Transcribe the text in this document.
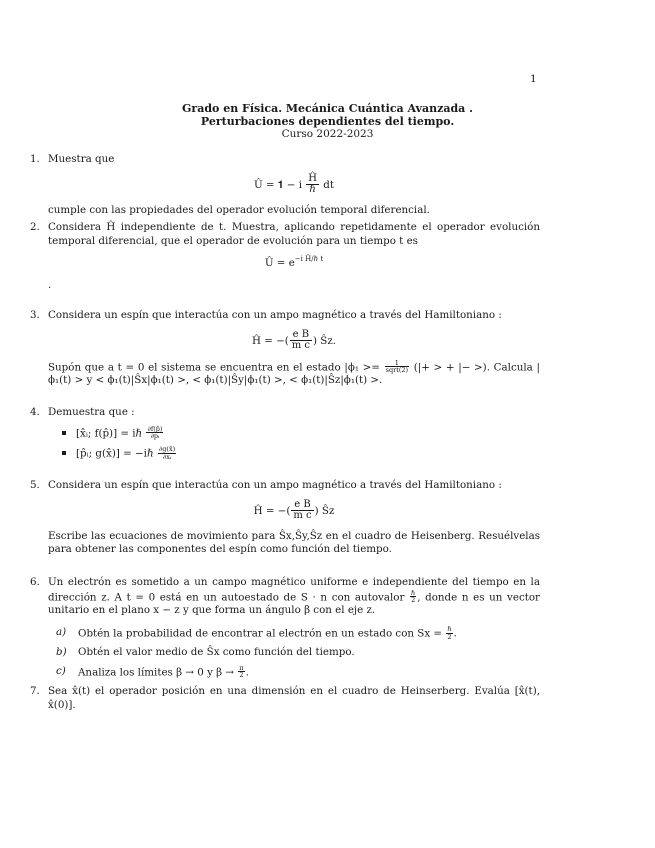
1
Grado en Física. Mecánica Cuántica Avanzada .
Perturbaciones dependientes del tiempo.
Curso 2022-2023
1. Muestra que
Û = 𝟏 − i $\frac{Ĥ}{\text{ℏ}}$ dt
cumple con las propiedades del operador evolución temporal diferencial.
2. Considera Ĥ independiente de t. Muestra, aplicando repetidamente el operador evolución temporal diferencial, que el operador de evolución para un tiempo t es
Û = $e^{-i Ĥ/\hbar t}$
.
3. Considera un espín que interactúa con un ampo magnético a través del Hamiltoniano :
Ĥ = −( $\frac{\text{e B}}{\text{m c}}$ ) Ŝz.
Supón que a t = 0 el sistema se encuentra en el estado $|\phi_1 >= \frac{1}{\text{sqrt(2)}}$ (|+ > + |− >). Calcula |ϕ₁(t) > y < ϕ₁(t)|Ŝx|ϕ₁(t) >, < ϕ₁(t)|Ŝy|ϕ₁(t) >, < ϕ₁(t)|Ŝz|ϕ₁(t) >.
4. Demuestra que :
[x̂ᵢ; f(p̂)] = iℏ $\frac{\partial f(p̂)}{\text{∂pᵢ}}$
[p̂ᵢ; g(x̂)] = −iℏ $\frac{\partial g(x̂)}{\text{∂xᵢ}}$
5. Considera un espín que interactúa con un ampo magnético a través del Hamiltoniano :
Ĥ = −( $\frac{\text{e B}}{\text{m c}}$ ) Ŝz
Escribe las ecuaciones de movimiento para Ŝx,Ŝy,Ŝz en el cuadro de Heisenberg. Resuélvelas para obtener las componentes del espín como función del tiempo.
6. Un electrón es sometido a un campo magnético uniforme e independiente del tiempo en la dirección z. A t = 0 está en un autoestado de S · n con autovalor $\frac{\text{ℏ}}{2}$ , donde n es un vector unitario en el plano x − z y que forma un ángulo β con el eje z.
a) Obtén la probabilidad de encontrar al electrón en un estado con $Sx = \frac{\text{ℏ}}{2}$ .
b) Obtén el valor medio de Ŝx como función del tiempo.
c) Analiza los límites β → 0 y $\beta \to \frac{\pi}{2}$ .
7. Sea x̂(t) el operador posición en una dimensión en el cuadro de Heinserberg. Evalúa [x̂(t), x̂(0)].
